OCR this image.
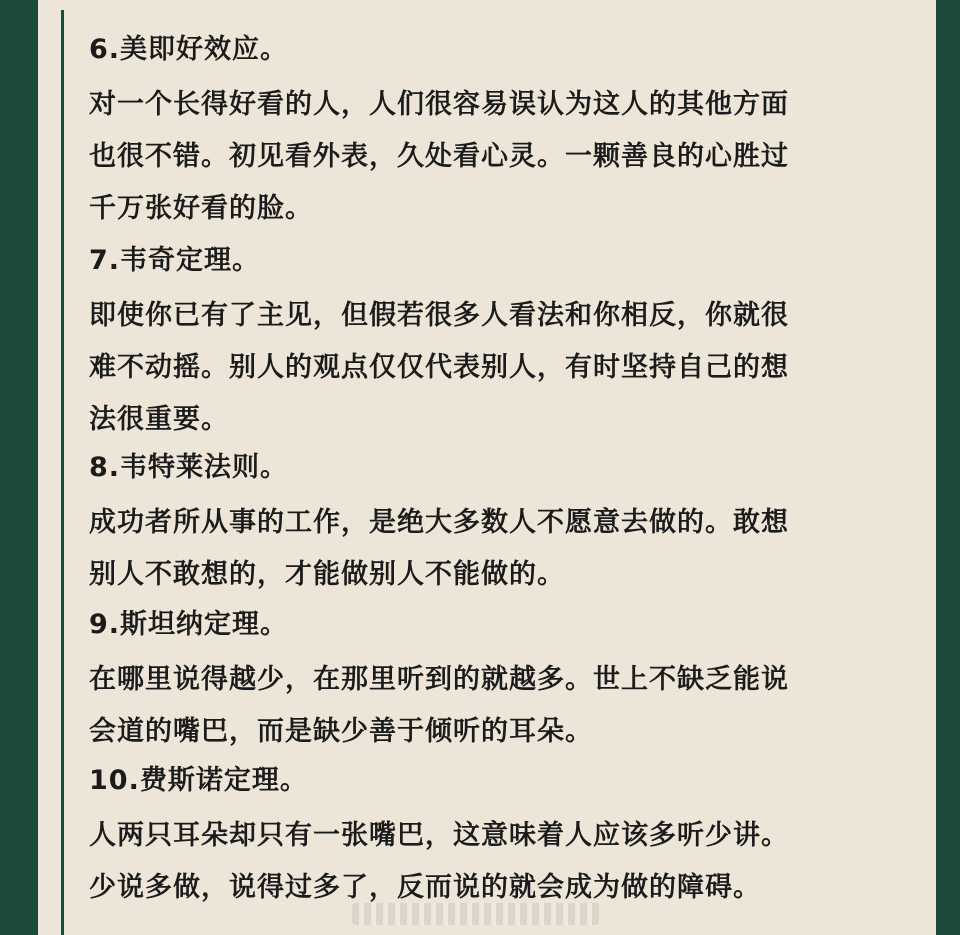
6.美即好效应。

对一个长得好看的人，人们很容易误认为这人的其他方面
也很不错。初见看外表，久处看心灵。一颗善良的心胜过
千万张好看的脸。

7.韦奇定理。

即使你已有了主见，但假若很多人看法和你相反，你就很
难不动摇。别人的观点仅仅代表别人，有时坚持自己的想
法很重要。

8.韦特莱法则。

成功者所从事的工作，是绝大多数人不愿意去做的。敢想
别人不敢想的，才能做别人不能做的。

9.斯坦纳定理。

在哪里说得越少，在那里听到的就越多。世上不缺乏能说
会道的嘴巴，而是缺少善于倾听的耳朵。

10.费斯诺定理。

人两只耳朵却只有一张嘴巴，这意味着人应该多听少讲。
少说多做，说得过多了，反而说的就会成为做的障碍。
